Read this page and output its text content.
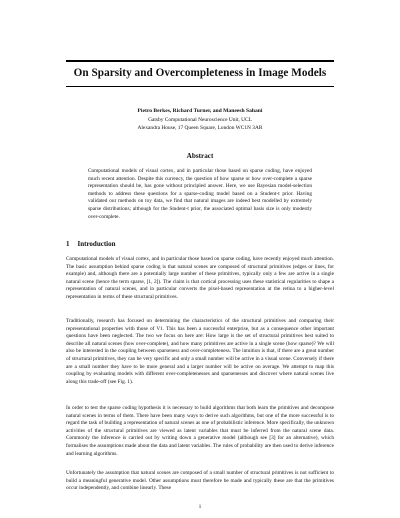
On Sparsity and Overcompleteness in Image Models
Pietro Berkes, Richard Turner, and Maneesh Sahani
Gatsby Computational Neuroscience Unit, UCL
Alexandra House, 17 Queen Square, London WC1N 3AR
Abstract
Computational models of visual cortex, and in particular those based on sparse coding, have enjoyed much recent attention. Despite this currency, the question of how sparse or how over-complete a sparse representation should be, has gone without principled answer. Here, we use Bayesian model-selection methods to address these questions for a sparse-coding model based on a Student-t prior. Having validated our methods on toy data, we find that natural images are indeed best modelled by extremely sparse distributions; although for the Student-t prior, the associated optimal basis size is only modestly over-complete.
1 Introduction
Computational models of visual cortex, and in particular those based on sparse coding, have recently enjoyed much attention. The basic assumption behind sparse coding is that natural scenes are composed of structural primitives (edges or lines, for example) and, although there are a potentially large number of these primitives, typically only a few are active in a single natural scene (hence the term sparse, [1, 2]). The claim is that cortical processing uses these statistical regularities to shape a representation of natural scenes, and in particular converts the pixel-based representation at the retina to a higher-level representation in terms of these structural primitives.
Traditionally, research has focused on determining the characteristics of the structural primitives and comparing their representational properties with those of V1. This has been a successful enterprise, but as a consequence other important questions have been neglected. The two we focus on here are: How large is the set of structural primitives best suited to describe all natural scenes (how over-complete), and how many primitives are active in a single scene (how sparse)? We will also be interested in the coupling between sparseness and over-completeness. The intuition is that, if there are a great number of structural primitives, they can be very specific and only a small number will be active in a visual scene. Conversely if there are a small number they have to be more general and a larger number will be active on average. We attempt to map this coupling by evaluating models with different over-completenesses and sparsenesses and discover where natural scenes live along this trade-off (see Fig. 1).
In order to test the sparse coding hypothesis it is necessary to build algorithms that both learn the primitives and decompose natural scenes in terms of them. There have been many ways to derive such algorithms, but one of the more successful is to regard the task of building a representation of natural scenes as one of probabilistic inference. More specifically, the unknown activities of the structural primitives are viewed as latent variables that must be inferred from the natural scene data. Commonly the inference is carried out by writing down a generative model (although see [3] for an alternative), which formalises the assumptions made about the data and latent variables. The rules of probability are then used to derive inference and learning algorithms.
Unfortunately the assumption that natural scenes are composed of a small number of structural primitives is not sufficient to build a meaningful generative model. Other assumptions must therefore be made and typically these are that the primitives occur independently, and combine linearly. These
1
